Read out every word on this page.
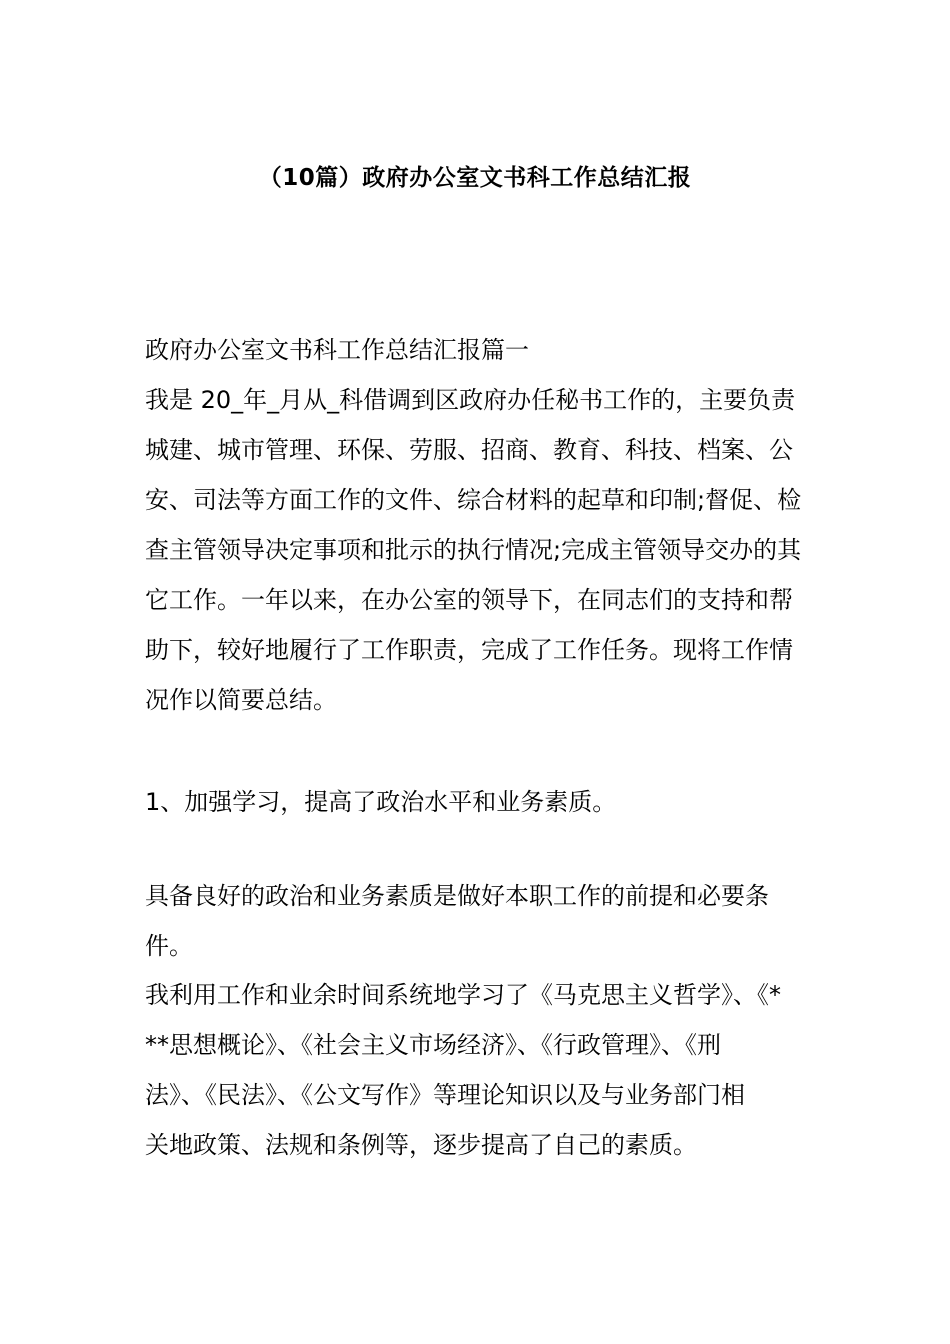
（10篇）政府办公室文书科工作总结汇报
政府办公室文书科工作总结汇报篇一
我是 20_年_月从_科借调到区政府办任秘书工作的，主要负责
城建、城市管理、环保、劳服、招商、教育、科技、档案、公
安、司法等方面工作的文件、综合材料的起草和印制;督促、检
查主管领导决定事项和批示的执行情况;完成主管领导交办的其
它工作。一年以来，在办公室的领导下，在同志们的支持和帮
助下，较好地履行了工作职责，完成了工作任务。现将工作情
况作以简要总结。
1、加强学习，提高了政治水平和业务素质。
具备良好的政治和业务素质是做好本职工作的前提和必要条件。
我利用工作和业余时间系统地学习了《马克思主义哲学》、《*
**思想概论》、《社会主义市场经济》、《行政管理》、《刑
法》、《民法》、《公文写作》等理论知识以及与业务部门相
关地政策、法规和条例等，逐步提高了自己的素质。
